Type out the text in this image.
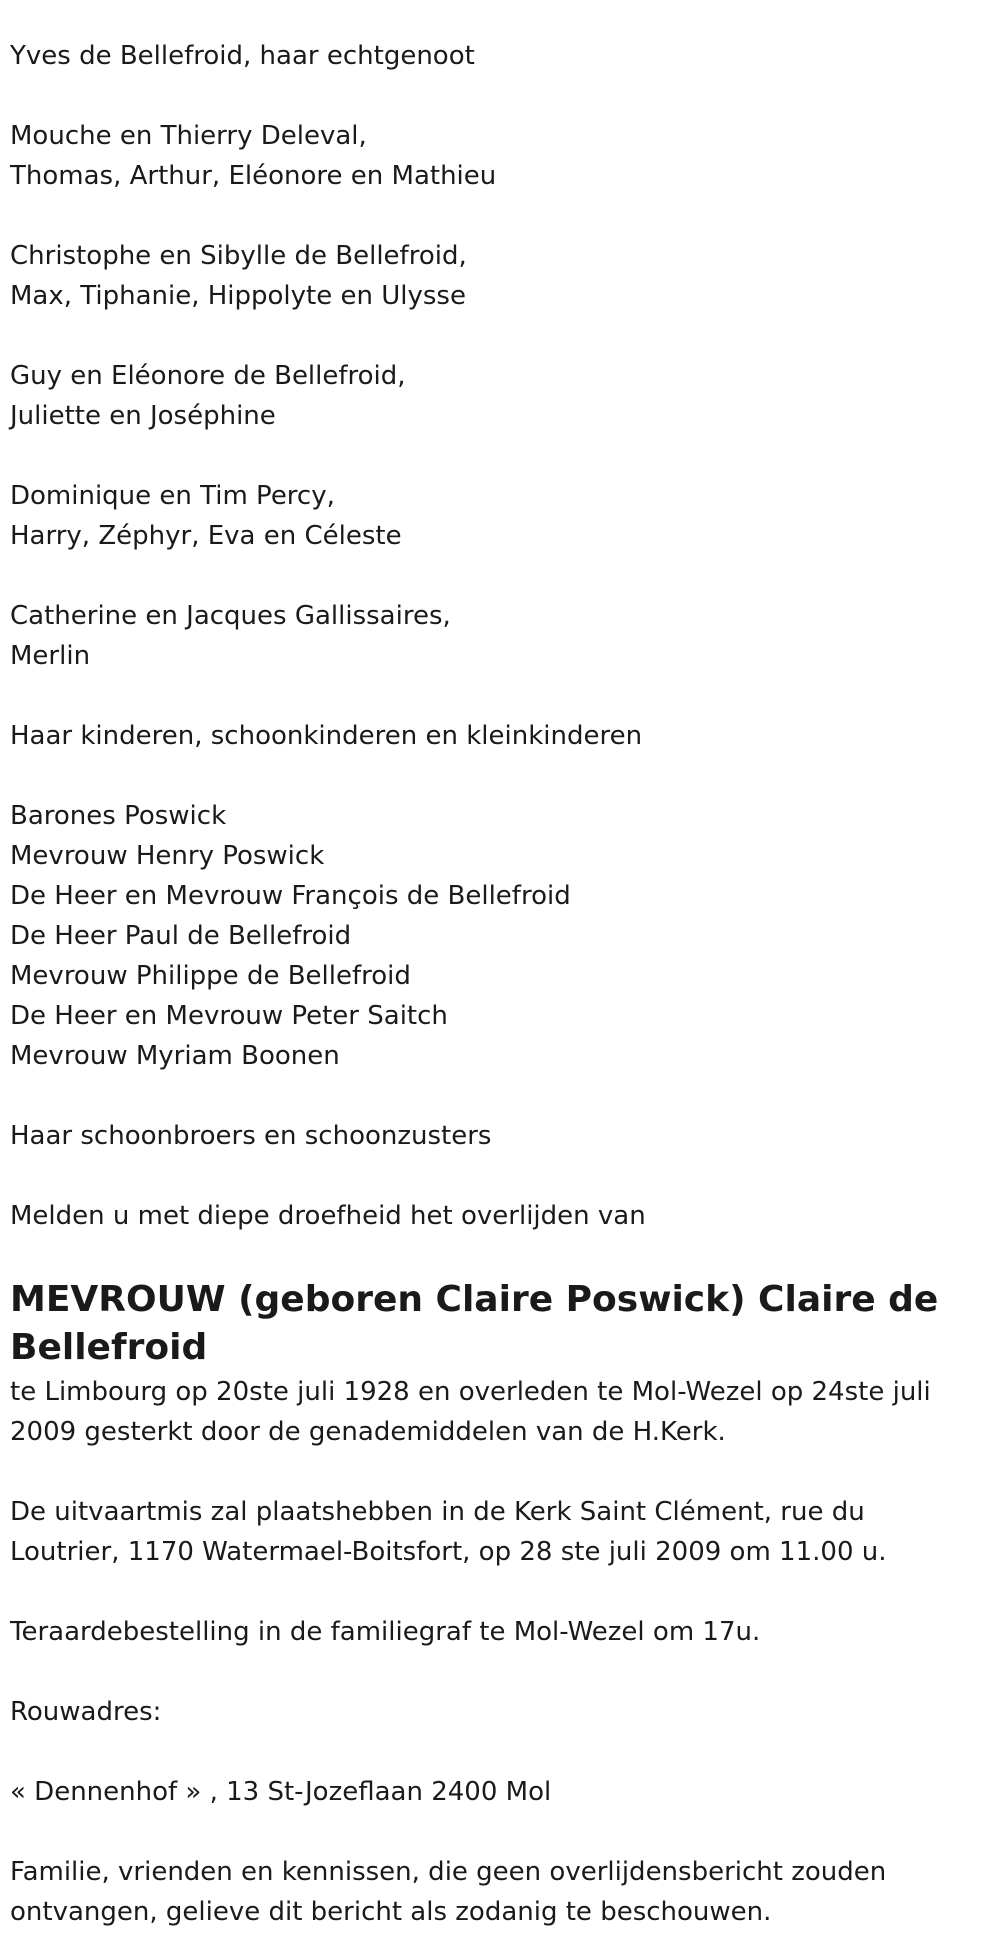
Yves de Bellefroid, haar echtgenoot
Mouche en Thierry Deleval,
Thomas, Arthur, Eléonore en Mathieu
Christophe en Sibylle de Bellefroid,
Max, Tiphanie, Hippolyte en Ulysse
Guy en Eléonore de Bellefroid,
Juliette en Joséphine
Dominique en Tim Percy,
Harry, Zéphyr, Eva en Céleste
Catherine en Jacques Gallissaires,
Merlin
Haar kinderen, schoonkinderen en kleinkinderen
Barones Poswick
Mevrouw Henry Poswick
De Heer en Mevrouw François de Bellefroid
De Heer Paul de Bellefroid
Mevrouw Philippe de Bellefroid
De Heer en Mevrouw Peter Saitch
Mevrouw Myriam Boonen
Haar schoonbroers en schoonzusters
Melden u met diepe droefheid het overlijden van
MEVROUW (geboren Claire Poswick) Claire de Bellefroid
te Limbourg op 20ste juli 1928 en overleden te Mol-Wezel op 24ste juli 2009 gesterkt door de genademiddelen van de H.Kerk.
De uitvaartmis zal plaatshebben in de Kerk Saint Clément, rue du Loutrier, 1170 Watermael-Boitsfort, op 28 ste juli 2009 om 11.00 u.
Teraardebestelling in de familiegraf te Mol-Wezel om 17u.
Rouwadres:
« Dennenhof » , 13 St-Jozeflaan 2400 Mol
Familie, vrienden en kennissen, die geen overlijdensbericht zouden ontvangen, gelieve dit bericht als zodanig te beschouwen.
